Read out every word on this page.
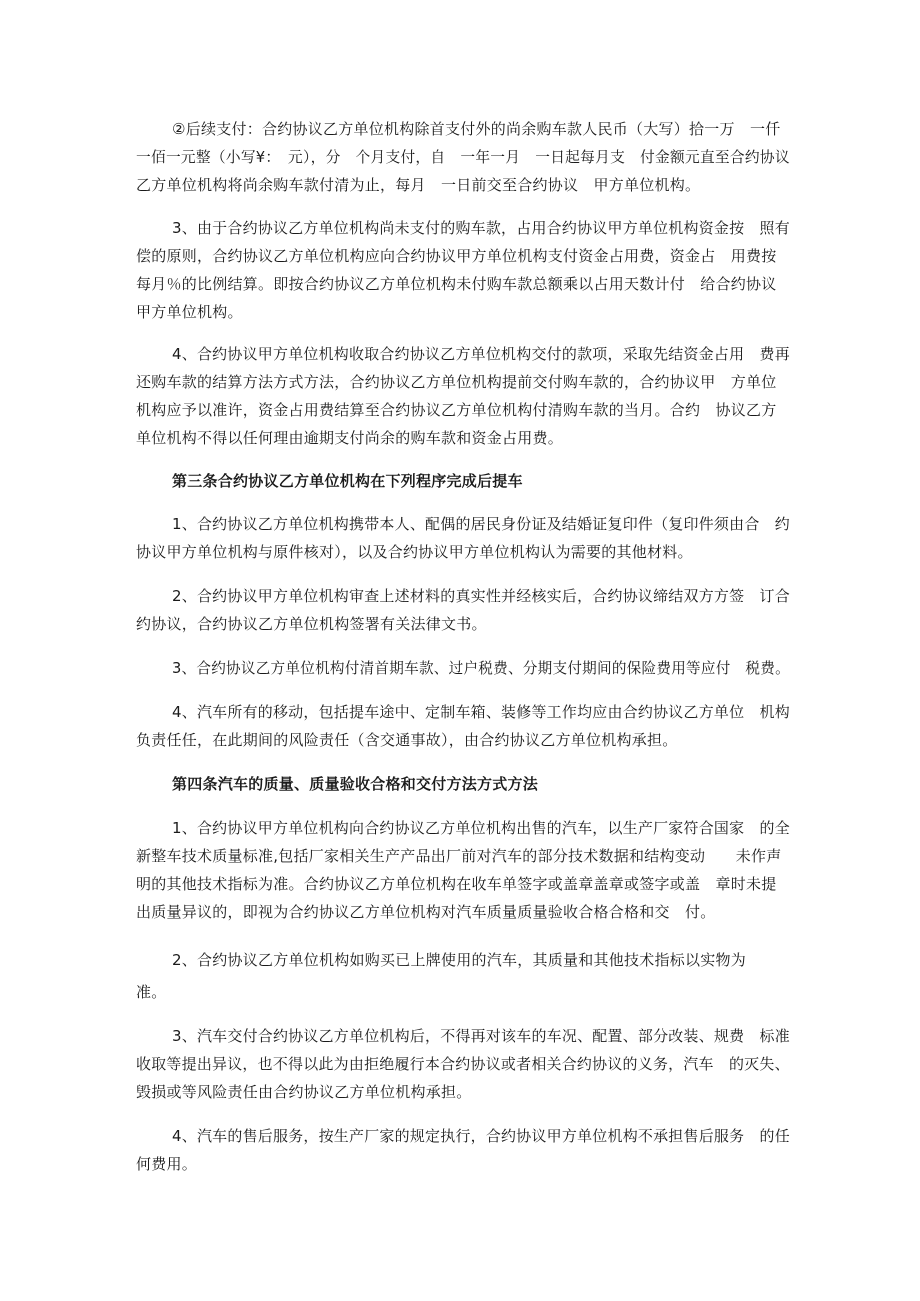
②后续支付：合约协议乙方单位机构除首支付外的尚余购车款人民币（大写）拾一万　一仟
一佰一元整（小写¥：　元），分　个月支付，自　一年一月　一日起每月支　付金额元直至合约协议
乙方单位机构将尚余购车款付清为止，每月　一日前交至合约协议　甲方单位机构。
3、由于合约协议乙方单位机构尚未支付的购车款，占用合约协议甲方单位机构资金按　照有
偿的原则，合约协议乙方单位机构应向合约协议甲方单位机构支付资金占用费，资金占　用费按
每月％的比例结算。即按合约协议乙方单位机构未付购车款总额乘以占用天数计付　给合约协议
甲方单位机构。
4、合约协议甲方单位机构收取合约协议乙方单位机构交付的款项，采取先结资金占用　费再
还购车款的结算方法方式方法，合约协议乙方单位机构提前交付购车款的，合约协议甲　方单位
机构应予以准许，资金占用费结算至合约协议乙方单位机构付清购车款的当月。合约　协议乙方
单位机构不得以任何理由逾期支付尚余的购车款和资金占用费。
第三条合约协议乙方单位机构在下列程序完成后提车
1、合约协议乙方单位机构携带本人、配偶的居民身份证及结婚证复印件（复印件须由合　约
协议甲方单位机构与原件核对），以及合约协议甲方单位机构认为需要的其他材料。
2、合约协议甲方单位机构审查上述材料的真实性并经核实后，合约协议缔结双方方签　订合
约协议，合约协议乙方单位机构签署有关法律文书。
3、合约协议乙方单位机构付清首期车款、过户税费、分期支付期间的保险费用等应付　税费。
4、汽车所有的移动，包括提车途中、定制车箱、装修等工作均应由合约协议乙方单位　机构
负责任任，在此期间的风险责任（含交通事故），由合约协议乙方单位机构承担。
第四条汽车的质量、质量验收合格和交付方法方式方法
1、合约协议甲方单位机构向合约协议乙方单位机构出售的汽车，以生产厂家符合国家　的全
新整车技术质量标准,包括厂家相关生产产品出厂前对汽车的部分技术数据和结构变动　　未作声
明的其他技术指标为准。合约协议乙方单位机构在收车单签字或盖章盖章或签字或盖　章时未提
出质量异议的，即视为合约协议乙方单位机构对汽车质量质量验收合格合格和交　付。
2、合约协议乙方单位机构如购买已上牌使用的汽车，其质量和其他技术指标以实物为
准。
3、汽车交付合约协议乙方单位机构后，不得再对该车的车况、配置、部分改装、规费　标准
收取等提出异议，也不得以此为由拒绝履行本合约协议或者相关合约协议的义务，汽车　的灭失、
毁损或等风险责任由合约协议乙方单位机构承担。
4、汽车的售后服务，按生产厂家的规定执行，合约协议甲方单位机构不承担售后服务　的任
何费用。
